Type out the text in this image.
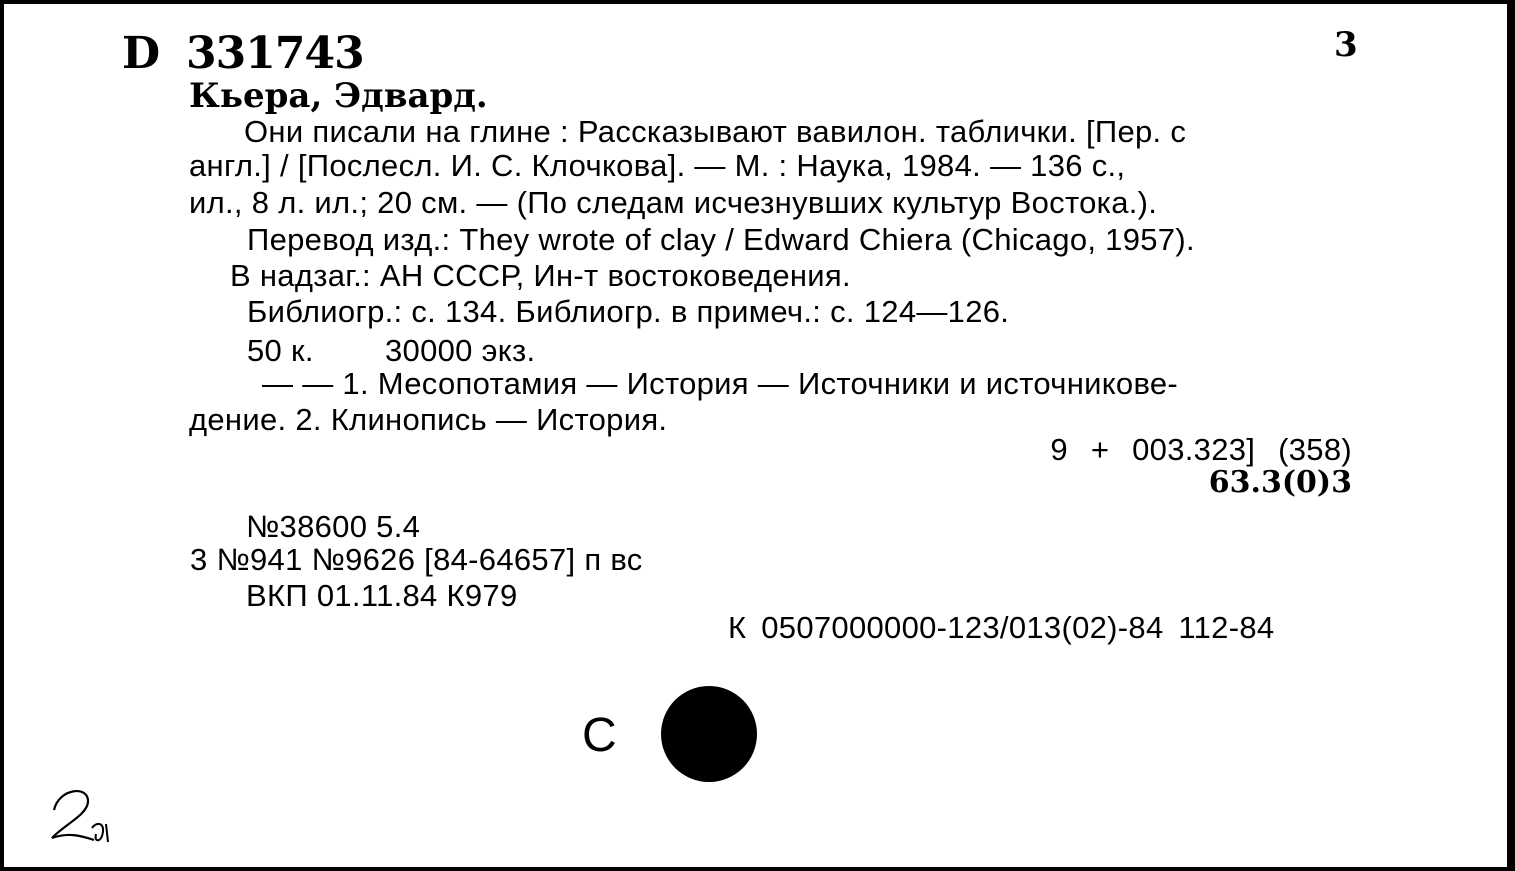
D 331743	3
Кьера, Эдвард.
Они писали на глине : Рассказывают вавилон. таблички. [Пер. с
англ.] / [Послесл. И. С. Клочкова]. — М. : Наука, 1984. — 136 с.,
ил., 8 л. ил.; 20 см. — (По следам исчезнувших культур Востока.).
Перевод изд.: They wrote of clay / Edward Chiera (Chicago, 1957).
В надзаг.: АН СССР, Ин-т востоковедения.
Библиогр.: с. 134. Библиогр. в примеч.: с. 124—126.
50 к. 30000 экз.
— — 1. Месопотамия — История — Источники и источникове-
дение. 2. Клинопись — История.
9 + 003.323] (358)
63.3(0)3
№38600 5.4
3 №941 №9626 [84-64657] п вс
ВКП 01.11.84 К979
К 0507000000-123/013(02)-84 112-84
С
